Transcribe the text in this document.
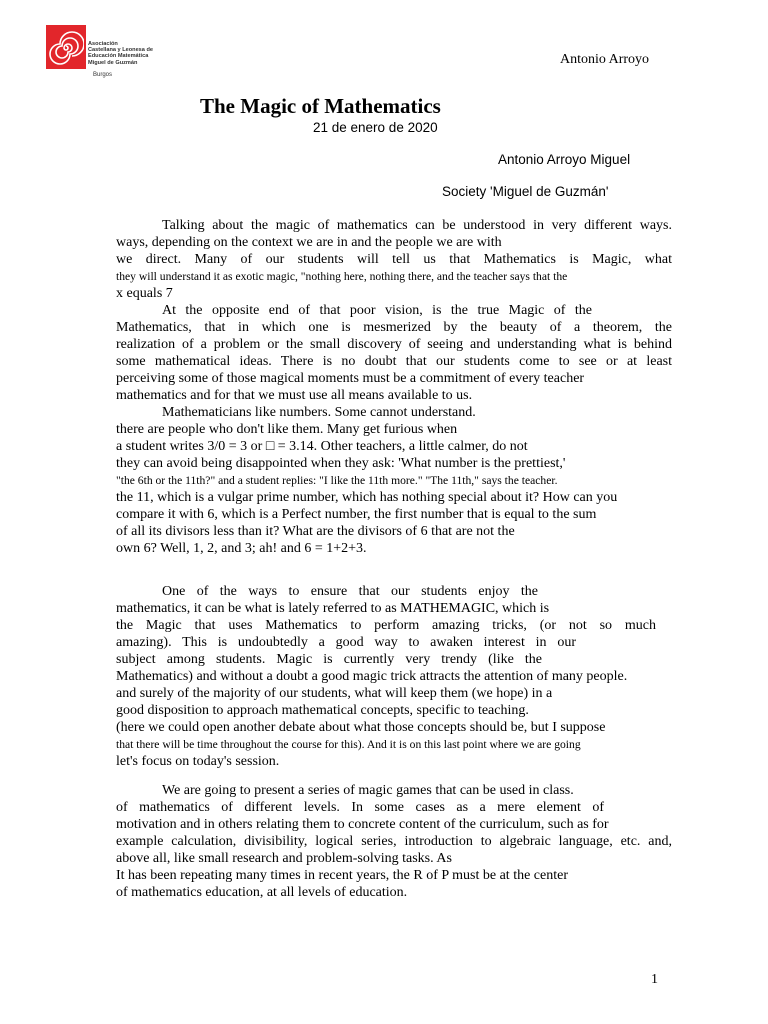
Asociación
Castellana y Leonesa de
Educación Matemática
Miguel de Guzmán
Burgos
Antonio Arroyo
The Magic of Mathematics
21 de enero de 2020
Antonio Arroyo Miguel
Society 'Miguel de Guzmán'
Talking about the magic of mathematics can be understood in very different ways.
ways, depending on the context we are in and the people we are with
we direct. Many of our students will tell us that Mathematics is Magic, what
they will understand it as exotic magic, "nothing here, nothing there, and the teacher says that the
x equals 7
At the opposite end of that poor vision, is the true Magic of the
Mathematics, that in which one is mesmerized by the beauty of a theorem, the
realization of a problem or the small discovery of seeing and understanding what is behind
some mathematical ideas. There is no doubt that our students come to see or at least
perceiving some of those magical moments must be a commitment of every teacher
mathematics and for that we must use all means available to us.
Mathematicians like numbers. Some cannot understand.
there are people who don't like them. Many get furious when
a student writes 3/0 = 3 or □ = 3.14. Other teachers, a little calmer, do not
they can avoid being disappointed when they ask: 'What number is the prettiest,'
"the 6th or the 11th?" and a student replies: "I like the 11th more." "The 11th," says the teacher.
the 11, which is a vulgar prime number, which has nothing special about it? How can you
compare it with 6, which is a Perfect number, the first number that is equal to the sum
of all its divisors less than it? What are the divisors of 6 that are not the
own 6? Well, 1, 2, and 3; ah! and 6 = 1+2+3.
One of the ways to ensure that our students enjoy the
mathematics, it can be what is lately referred to as MATHEMAGIC, which is
the Magic that uses Mathematics to perform amazing tricks, (or not so much
amazing). This is undoubtedly a good way to awaken interest in our
subject among students. Magic is currently very trendy (like the
Mathematics) and without a doubt a good magic trick attracts the attention of many people.
and surely of the majority of our students, what will keep them (we hope) in a
good disposition to approach mathematical concepts, specific to teaching.
(here we could open another debate about what those concepts should be, but I suppose
that there will be time throughout the course for this). And it is on this last point where we are going
let's focus on today's session.
We are going to present a series of magic games that can be used in class.
of mathematics of different levels. In some cases as a mere element of
motivation and in others relating them to concrete content of the curriculum, such as for
example calculation, divisibility, logical series, introduction to algebraic language, etc. and,
above all, like small research and problem-solving tasks. As
It has been repeating many times in recent years, the R of P must be at the center
of mathematics education, at all levels of education.
1
